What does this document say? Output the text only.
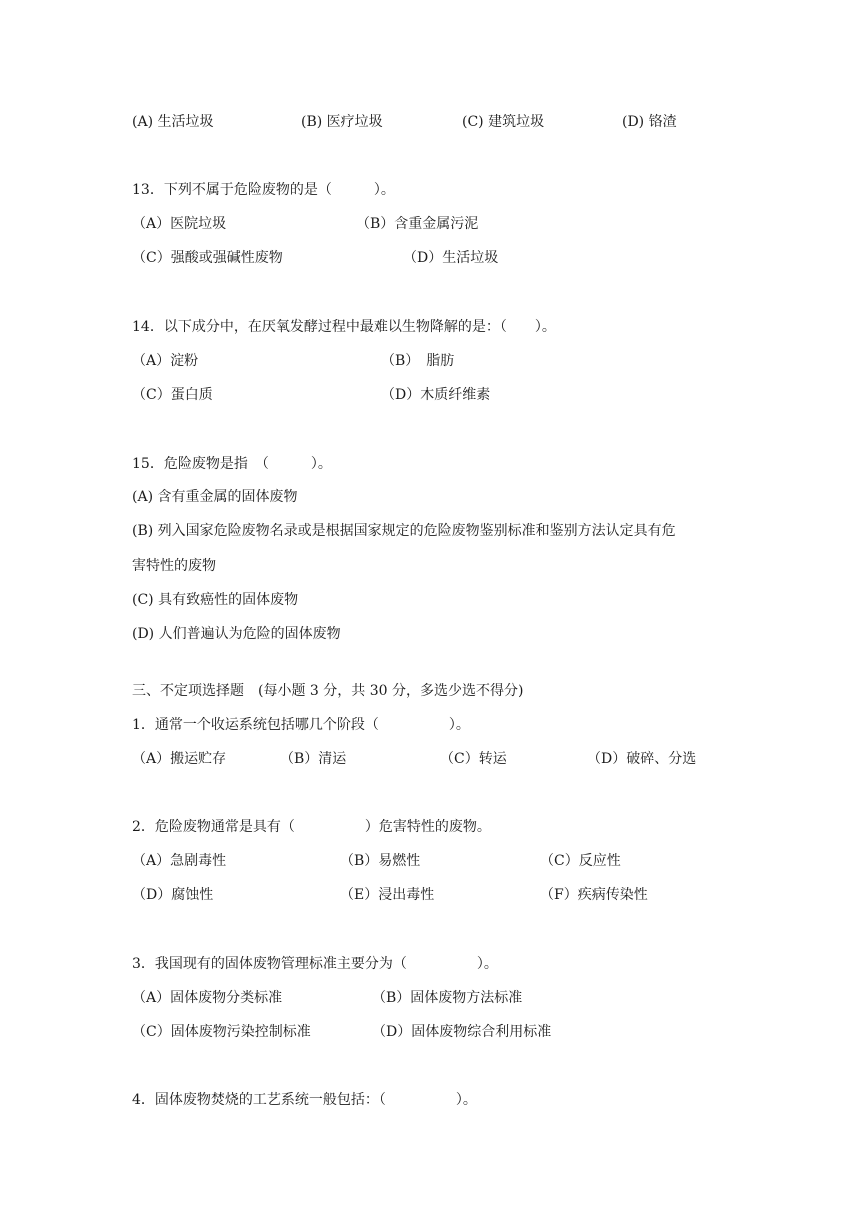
(A) 生活垃圾	(B) 医疗垃圾	(C) 建筑垃圾	(D) 铬渣
13．下列不属于危险废物的是（　　　）。
（A）医院垃圾	（B）含重金属污泥
（C）强酸或强碱性废物	（D）生活垃圾
14．以下成分中，在厌氧发酵过程中最难以生物降解的是：（　　）。
（A）淀粉	（B）　脂肪
（C）蛋白质	（D）木质纤维素
15．危险废物是指　（　　　）。
(A) 含有重金属的固体废物
(B) 列入国家危险废物名录或是根据国家规定的危险废物鉴别标准和鉴别方法认定具有危
害特性的废物
(C) 具有致癌性的固体废物
(D) 人们普遍认为危险的固体废物
三、不定项选择题　(每小题 3 分，共 30 分，多选少选不得分)
1．通常一个收运系统包括哪几个阶段（　　　　　）。
（A）搬运贮存	（B）清运	（C）转运	（D）破碎、分选
2．危险废物通常是具有（　　　　　）危害特性的废物。
（A）急剧毒性	（B）易燃性	（C）反应性
（D）腐蚀性	（E）浸出毒性	（F）疾病传染性
3．我国现有的固体废物管理标准主要分为（　　　　　）。
（A）固体废物分类标准	（B）固体废物方法标准
（C）固体废物污染控制标准	（D）固体废物综合利用标准
4．固体废物焚烧的工艺系统一般包括：（　　　　　）。
